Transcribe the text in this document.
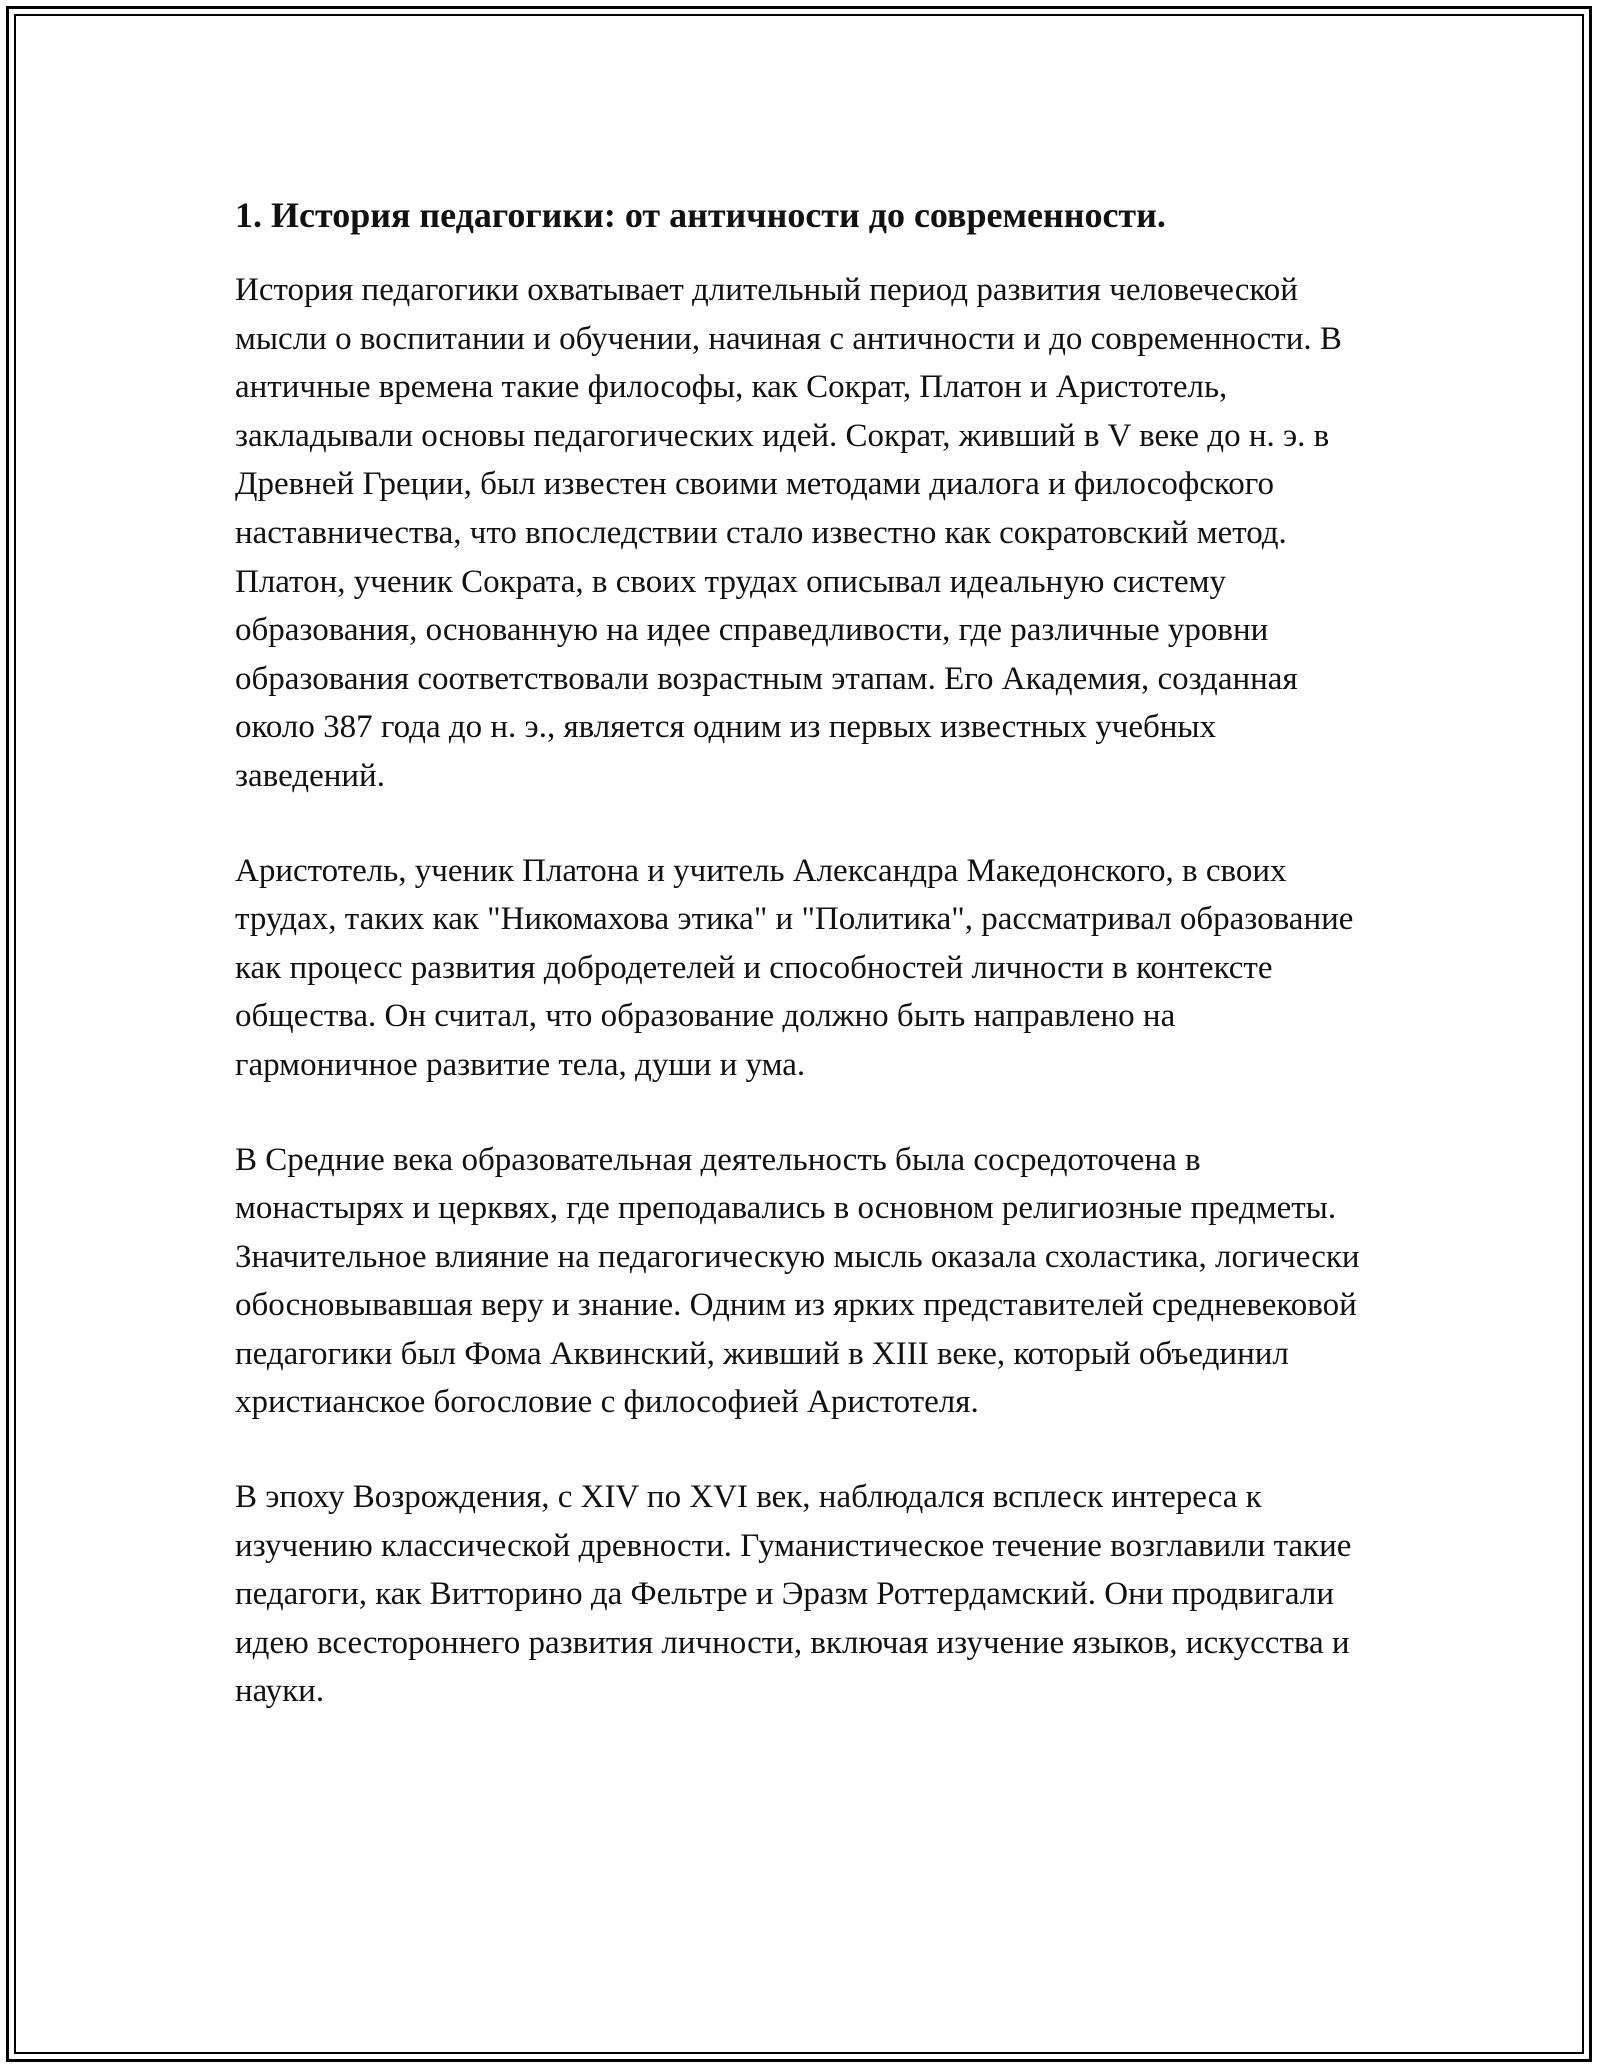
1. История педагогики: от античности до современности.

История педагогики охватывает длительный период развития человеческой мысли о воспитании и обучении, начиная с античности и до современности. В античные времена такие философы, как Сократ, Платон и Аристотель, закладывали основы педагогических идей. Сократ, живший в V веке до н. э. в Древней Греции, был известен своими методами диалога и философского наставничества, что впоследствии стало известно как сократовский метод. Платон, ученик Сократа, в своих трудах описывал идеальную систему образования, основанную на идее справедливости, где различные уровни образования соответствовали возрастным этапам. Его Академия, созданная около 387 года до н. э., является одним из первых известных учебных заведений.

Аристотель, ученик Платона и учитель Александра Македонского, в своих трудах, таких как "Никомахова этика" и "Политика", рассматривал образование как процесс развития добродетелей и способностей личности в контексте общества. Он считал, что образование должно быть направлено на гармоничное развитие тела, души и ума.

В Средние века образовательная деятельность была сосредоточена в монастырях и церквях, где преподавались в основном религиозные предметы. Значительное влияние на педагогическую мысль оказала схоластика, логически обосновывавшая веру и знание. Одним из ярких представителей средневековой педагогики был Фома Аквинский, живший в XIII веке, который объединил христианское богословие с философией Аристотеля.

В эпоху Возрождения, с XIV по XVI век, наблюдался всплеск интереса к изучению классической древности. Гуманистическое течение возглавили такие педагоги, как Витторино да Фельтре и Эразм Роттердамский. Они продвигали идею всестороннего развития личности, включая изучение языков, искусства и науки.
